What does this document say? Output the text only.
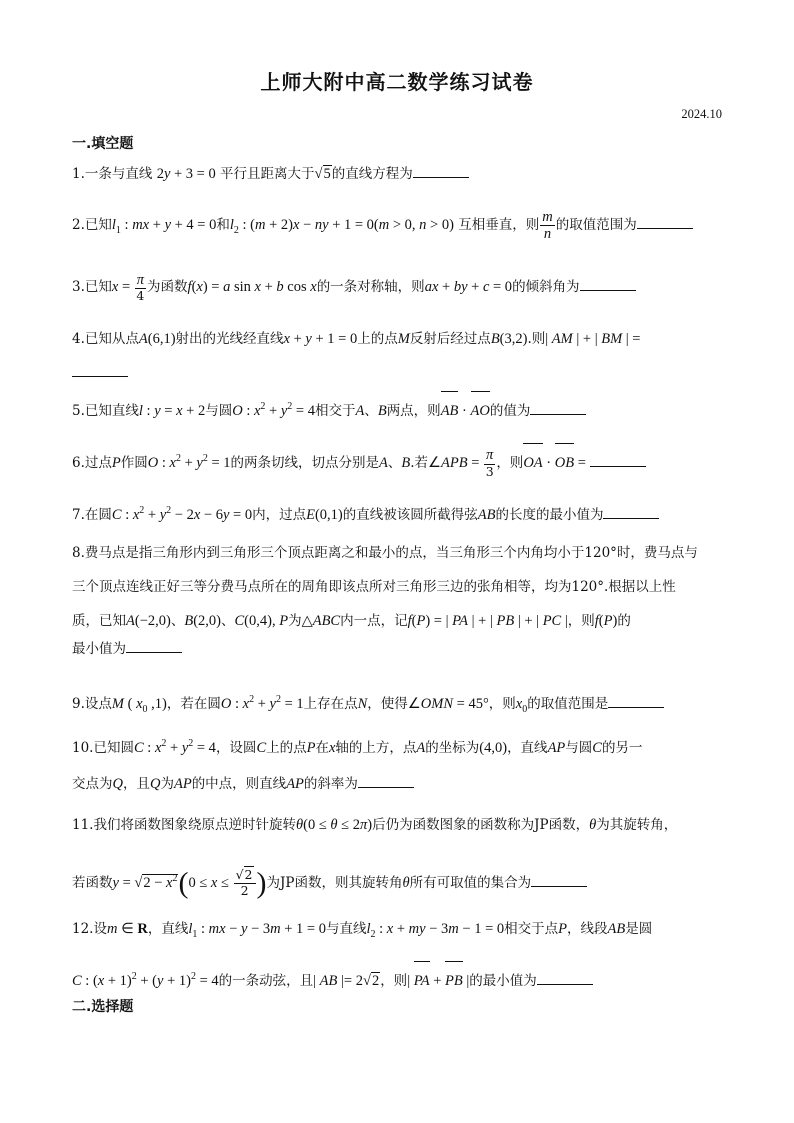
上师大附中高二数学练习试卷
2024.10
一.填空题
1.一条与直线 2y + 3 = 0 平行且距离大于√5的直线方程为
2.已知$l_1$ : mx + y + 4 = 0和$l_2$ : (m + 2)x − ny + 1 = 0(m > 0, n > 0) 互相垂直，则 $\frac{m}{n}$ 的取值范围为
3.已知$x = \frac{\pi}{4}$ 为函数f(x) = a sin x + b cos x的一条对称轴，则ax + by + c = 0的倾斜角为
4.已知从点A(6,1)射出的光线经直线x + y + 1 = 0上的点M反射后经过点B(3,2).则| AM | + | BM | =
5.已知直线l : y = x + 2与圆O : $x^2 + y^2 = 4$相交于A、B两点，则AB · AO的值为
6.过点P作圆O : $x^2 + y^2 = 1$的两条切线，切点分别是A、B.若∠APB = $\frac{\pi}{3}$ ，则OA · OB =
7.在圆C : $x^2 + y^2 - 2x - 6y = 0$内，过点E(0,1)的直线被该圆所截得弦AB的长度的最小值为
8.费马点是指三角形内到三角形三个顶点距离之和最小的点，当三角形三个内角均小于120°时，费马点与
三个顶点连线正好三等分费马点所在的周角即该点所对三角形三边的张角相等，均为120°.根据以上性
质，已知A(−2,0)、B(2,0)、C(0,4), P为△ABC内一点，记f(P) = | PA | + | PB | + | PC |，则f(P)的
最小值为
9.设点M ( $x_0$ ,1)，若在圆O : $x^2 + y^2 = 1$上存在点N，使得∠OMN = 45°，则$x_0$的取值范围是
10.已知圆C : $x^2 + y^2 = 4$，设圆C上的点P在x轴的上方，点A的坐标为(4,0)，直线AP与圆C的另一
交点为Q，且Q为AP的中点，则直线AP的斜率为
11.我们将函数图象绕原点逆时针旋转θ(0 ≤ θ ≤ 2π)后仍为函数图象的函数称为JP函数，θ为其旋转角，
若函数$y = √2 - x^2(0 \le x \le \frac{√2}{2}$ )为JP函数，则其旋转角θ所有可取值的集合为
12.设m ∈ R，直线$l_1$ : mx − y − 3m + 1 = 0与直线$l_2$ : x + my − 3m − 1 = 0相交于点P，线段AB是圆
C : $(x + 1)^2 + (y + 1)^2 = 4$的一条动弦，且| AB |= 2√2，则| PA + PB |的最小值为
二.选择题
